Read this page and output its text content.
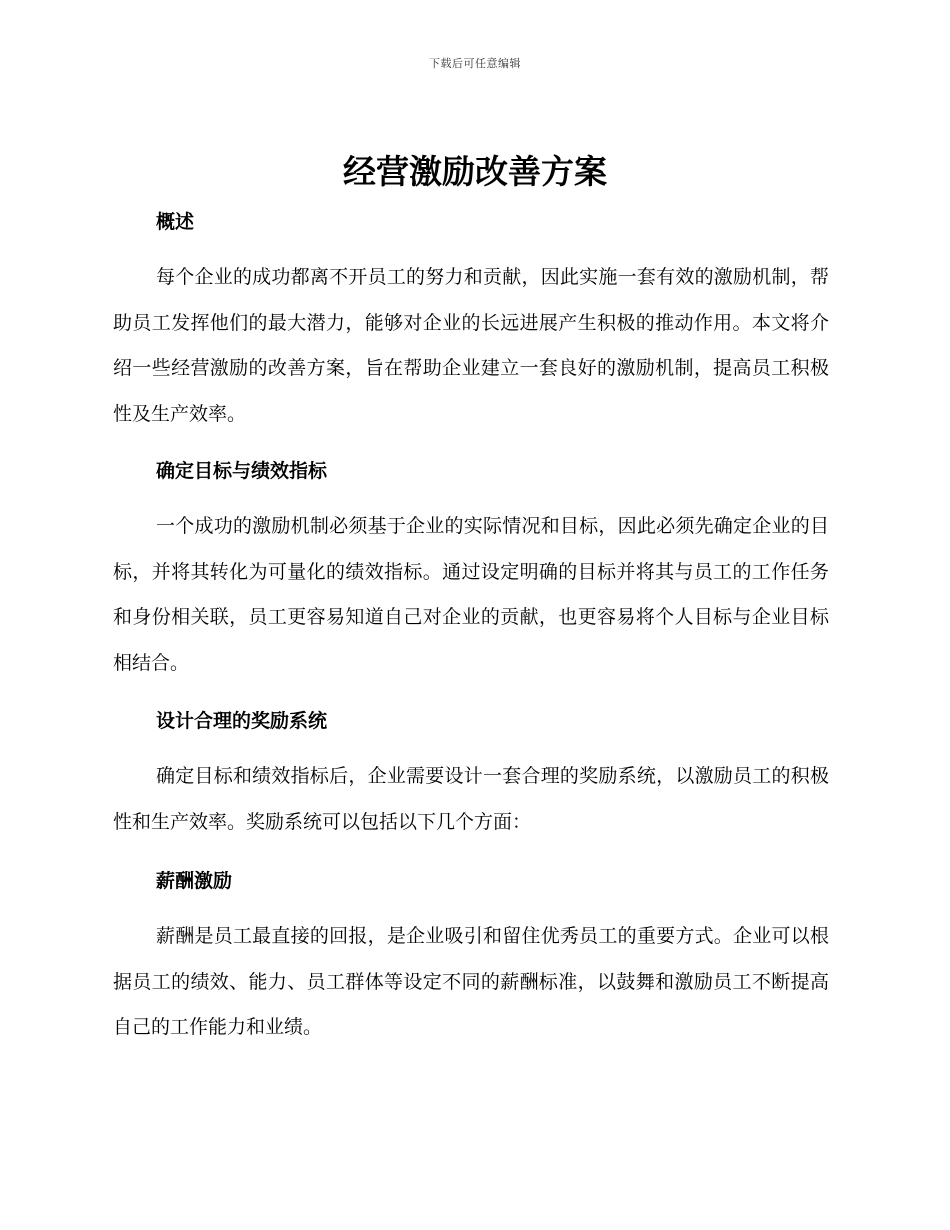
下载后可任意编辑
经营激励改善方案
概述

每个企业的成功都离不开员工的努力和贡献，因此实施一套有效的激励机制，帮助员工发挥他们的最大潜力，能够对企业的长远进展产生积极的推动作用。本文将介绍一些经营激励的改善方案，旨在帮助企业建立一套良好的激励机制，提高员工积极性及生产效率。

确定目标与绩效指标

一个成功的激励机制必须基于企业的实际情况和目标，因此必须先确定企业的目标，并将其转化为可量化的绩效指标。通过设定明确的目标并将其与员工的工作任务和身份相关联，员工更容易知道自己对企业的贡献，也更容易将个人目标与企业目标相结合。

设计合理的奖励系统

确定目标和绩效指标后，企业需要设计一套合理的奖励系统，以激励员工的积极性和生产效率。奖励系统可以包括以下几个方面：

薪酬激励

薪酬是员工最直接的回报，是企业吸引和留住优秀员工的重要方式。企业可以根据员工的绩效、能力、员工群体等设定不同的薪酬标准，以鼓舞和激励员工不断提高自己的工作能力和业绩。
